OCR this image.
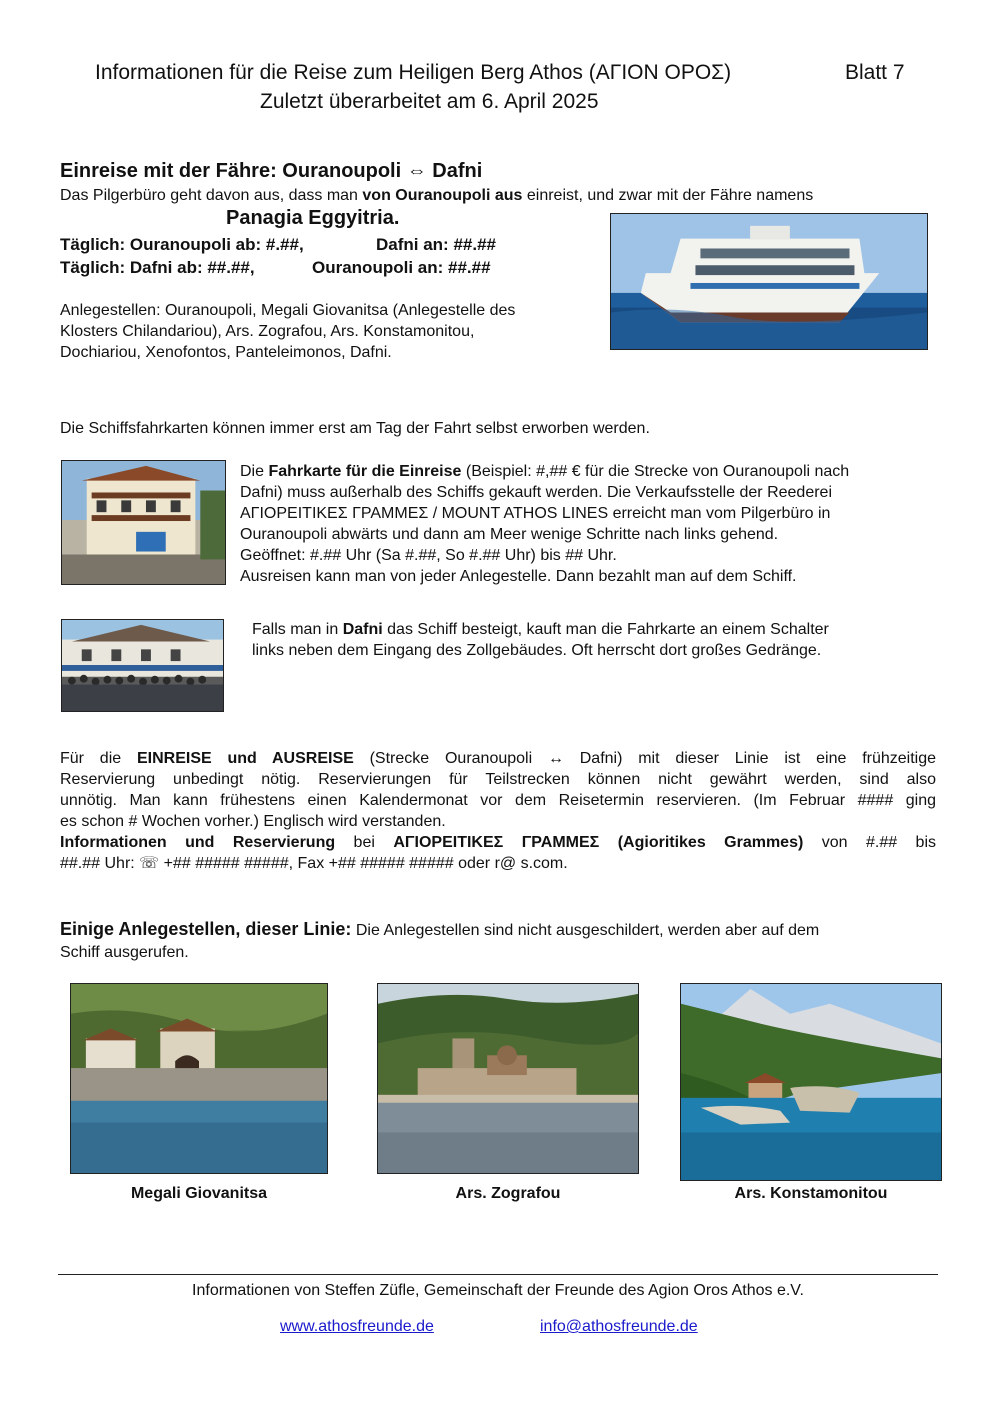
Informationen für die Reise zum Heiligen Berg Athos (ΑΓΙΟΝ ΟΡΟΣ)	Blatt 7
Zuletzt überarbeitet am 6. April 2025
Einreise mit der Fähre: Ouranoupoli ⇔ Dafni
Das Pilgerbüro geht davon aus, dass man von Ouranoupoli aus einreist, und zwar mit der Fähre namens
Panagia Eggyitria.
Täglich: Ouranoupoli ab: #.##,	Dafni an: ##.##
Täglich: Dafni ab: ##.##,	Ouranoupoli an: ##.##
Anlegestellen: Ouranoupoli, Megali Giovanitsa (Anlegestelle des
Klosters Chilandariou), Ars. Zografou, Ars. Konstamonitou,
Dochiariou, Xenofontos, Panteleimonos, Dafni.
Die Schiffsfahrkarten können immer erst am Tag der Fahrt selbst erworben werden.
Die Fahrkarte für die Einreise (Beispiel: #,## € für die Strecke von Ouranoupoli nach
Dafni) muss außerhalb des Schiffs gekauft werden. Die Verkaufsstelle der Reederei
ΑΓΙΟΡΕΙΤΙΚΕΣ ΓΡΑΜΜΕΣ / MOUNT ATHOS LINES erreicht man vom Pilgerbüro in
Ouranoupoli abwärts und dann am Meer wenige Schritte nach links gehend.
Geöffnet: #.## Uhr (Sa #.##, So #.## Uhr) bis ## Uhr.
Ausreisen kann man von jeder Anlegestelle. Dann bezahlt man auf dem Schiff.
Falls man in Dafni das Schiff besteigt, kauft man die Fahrkarte an einem Schalter
links neben dem Eingang des Zollgebäudes. Oft herrscht dort großes Gedränge.
Für die EINREISE und AUSREISE (Strecke Ouranoupoli ↔ Dafni) mit dieser Linie ist eine frühzeitige
Reservierung unbedingt nötig. Reservierungen für Teilstrecken können nicht gewährt werden, sind also
unnötig. Man kann frühestens einen Kalendermonat vor dem Reisetermin reservieren. (Im Februar #### ging
es schon # Wochen vorher.) Englisch wird verstanden.
Informationen und Reservierung bei ΑΓΙΟΡΕΙΤΙΚΕΣ ΓΡΑΜΜΕΣ (Agioritikes Grammes) von #.## bis
##.## Uhr: ☏ +## ##### #####, Fax +## ##### ##### oder r@ s.com.
Einige Anlegestellen, dieser Linie: Die Anlegestellen sind nicht ausgeschildert, werden aber auf dem
Schiff ausgerufen.
Megali Giovanitsa	Ars. Zografou	Ars. Konstamonitou
Informationen von Steffen Züfle, Gemeinschaft der Freunde des Agion Oros Athos e.V.
www.athosfreunde.de	info@athosfreunde.de
